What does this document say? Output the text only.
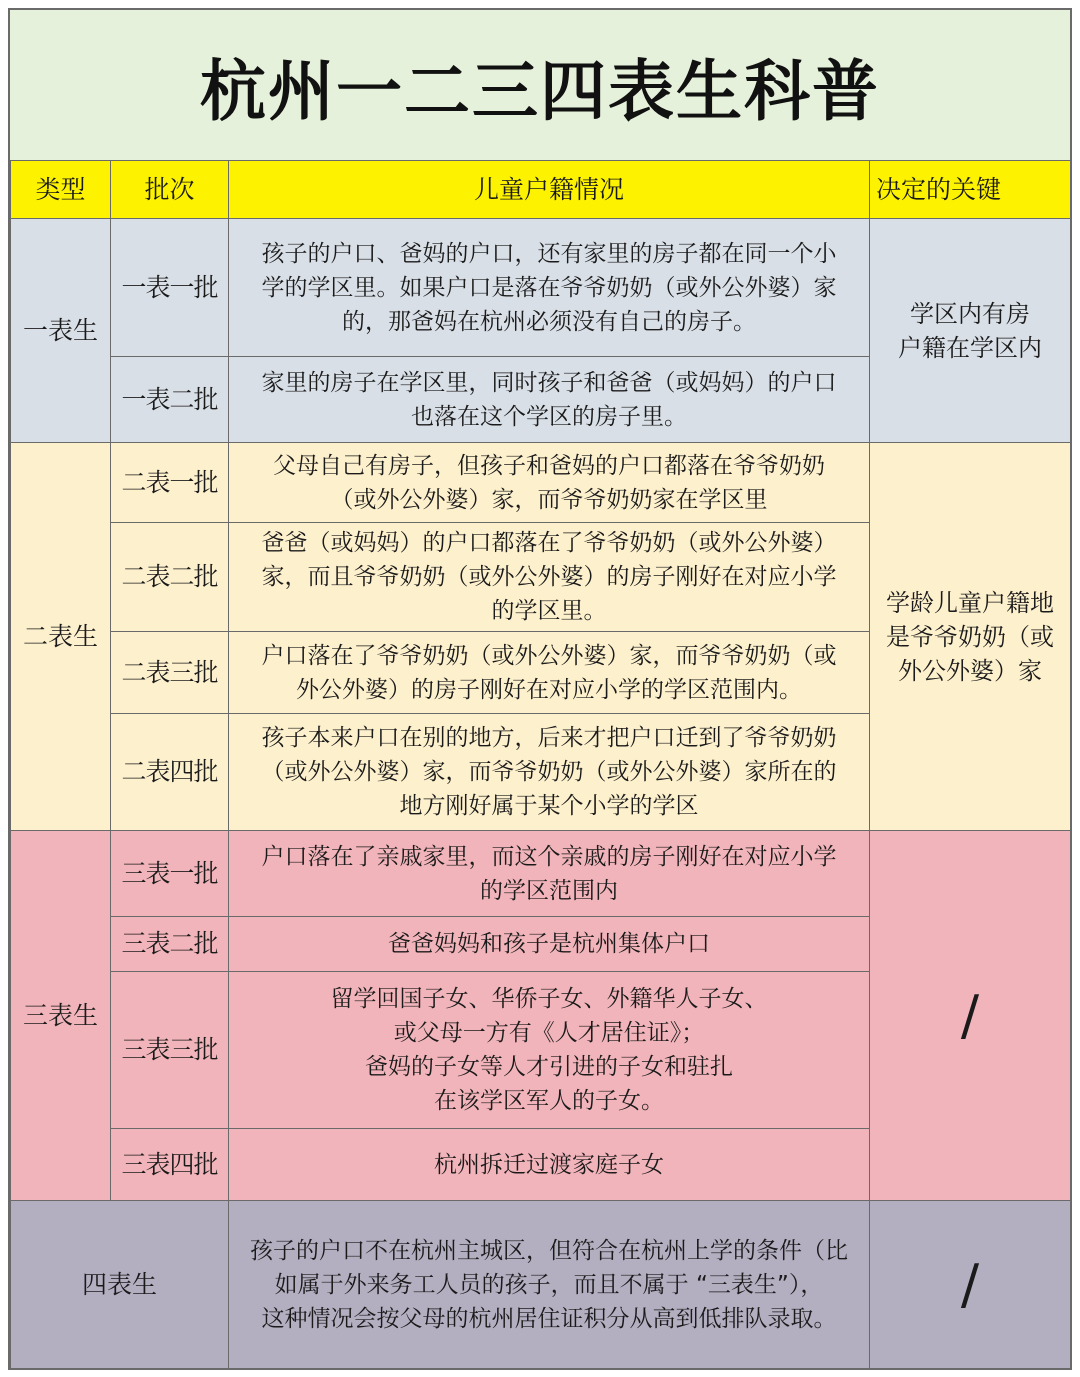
杭州一二三四表生科普
类型	批次	儿童户籍情况	决定的关键
一表生	一表一批	孩子的户口、爸妈的户口，还有家里的房子都在同一个小
学的学区里。如果户口是落在爷爷奶奶（或外公外婆）家
的，那爸妈在杭州必须没有自己的房子。	学区内有房
户籍在学区内

	一表二批	家里的房子在学区里，同时孩子和爸爸（或妈妈）的户口
也落在这个学区的房子里。	

二表生	二表一批	父母自己有房子，但孩子和爸妈的户口都落在爷爷奶奶
（或外公外婆）家，而爷爷奶奶家在学区里	学龄儿童户籍地
是爷爷奶奶（或
外公外婆）家

	二表二批	爸爸（或妈妈）的户口都落在了爷爷奶奶（或外公外婆）
家，而且爷爷奶奶（或外公外婆）的房子刚好在对应小学
的学区里。	

	二表三批	户口落在了爷爷奶奶（或外公外婆）家，而爷爷奶奶（或
外公外婆）的房子刚好在对应小学的学区范围内。	

	二表四批	孩子本来户口在别的地方，后来才把户口迁到了爷爷奶奶
（或外公外婆）家，而爷爷奶奶（或外公外婆）家所在的
地方刚好属于某个小学的学区	

三表生	三表一批	户口落在了亲戚家里，而这个亲戚的房子刚好在对应小学
的学区范围内	/
	三表二批	爸爸妈妈和孩子是杭州集体户口	

	三表三批	留学回国子女、华侨子女、外籍华人子女、
或父母一方有《人才居住证》；
爸妈的子女等人才引进的子女和驻扎
在该学区军人的子女。	

	三表四批	杭州拆迁过渡家庭子女	

四表生		孩子的户口不在杭州主城区，但符合在杭州上学的条件（比
如属于外来务工人员的孩子，而且不属于 “三表生”），
这种情况会按父母的杭州居住证积分从高到低排队录取。	/
